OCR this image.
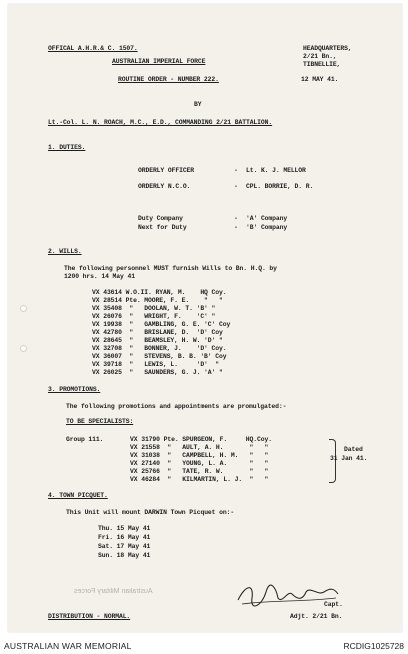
OFFICAL A.H.R.& C. 1507.
AUSTRALIAN IMPERIAL FORCE
ROUTINE ORDER - NUMBER 222.
HEADQUARTERS,
2/21 Bn.,
TIBNELLIE,
12 MAY 41.
BY
Lt.-Col. L. N. ROACH, M.C., E.D., COMMANDING 2/21 BATTALION.
1. DUTIES.
ORDERLY OFFICER	- Lt. K. J. MELLOR
ORDERLY N.C.O.	- CPL. BORRIE, D. R.
Duty Company	- 'A' Company
Next for Duty	- 'B' Company
2. WILLS.
The following personnel MUST furnish Wills to Bn. H.Q. by
1200 hrs. 14 May 41
VX 43614 W.O.II. RYAN, M.    HQ Coy.
VX 28514 Pte. MOORE, F. E.    "   "
VX 35408  "   DOOLAN, W. T. 'B' "
VX 26076  "   WRIGHT, F.    'C' "
VX 19938  "   GAMBLING, G. E. 'C' Coy
VX 42780  "   BRISLANE, D.  'D' Coy
VX 28645  "   BEAMSLEY, H. W. 'D' "
VX 32708  "   BONNER, J.    'D' Coy.
VX 36007  "   STEVENS, B. B. 'B' Coy
VX 39718  "   LEWIS, L.     'D'  "
VX 26025  "   SAUNDERS, G. J. 'A' "
3. PROMOTIONS.
The following promotions and appointments are promulgated:-
TO BE SPECIALISTS:
Group 111.	VX 31790 Pte. SPURGEON, F.     HQ.Coy.
VX 21558  "   AULT, A. H.       "   "
VX 31038  "   CAMPBELL, H. M.   "   "
VX 27140  "   YOUNG, L. A.      "   "
VX 25766  "   TATE, R. W.       "   "
VX 46284  "   KILMARTIN, L. J.  "   "
Dated
31 Jan 41.
4. TOWN PICQUET.
This Unit will mount DARWIN Town Picquet on:-
Thu. 15 May 41
Fri. 16 May 41
Sat. 17 May 41
Sun. 18 May 41
Australian Military Forces
Capt.
DISTRIBUTION - NORMAL.	Adjt. 2/21 Bn.
AUSTRALIAN WAR MEMORIAL	RCDIG1025728
